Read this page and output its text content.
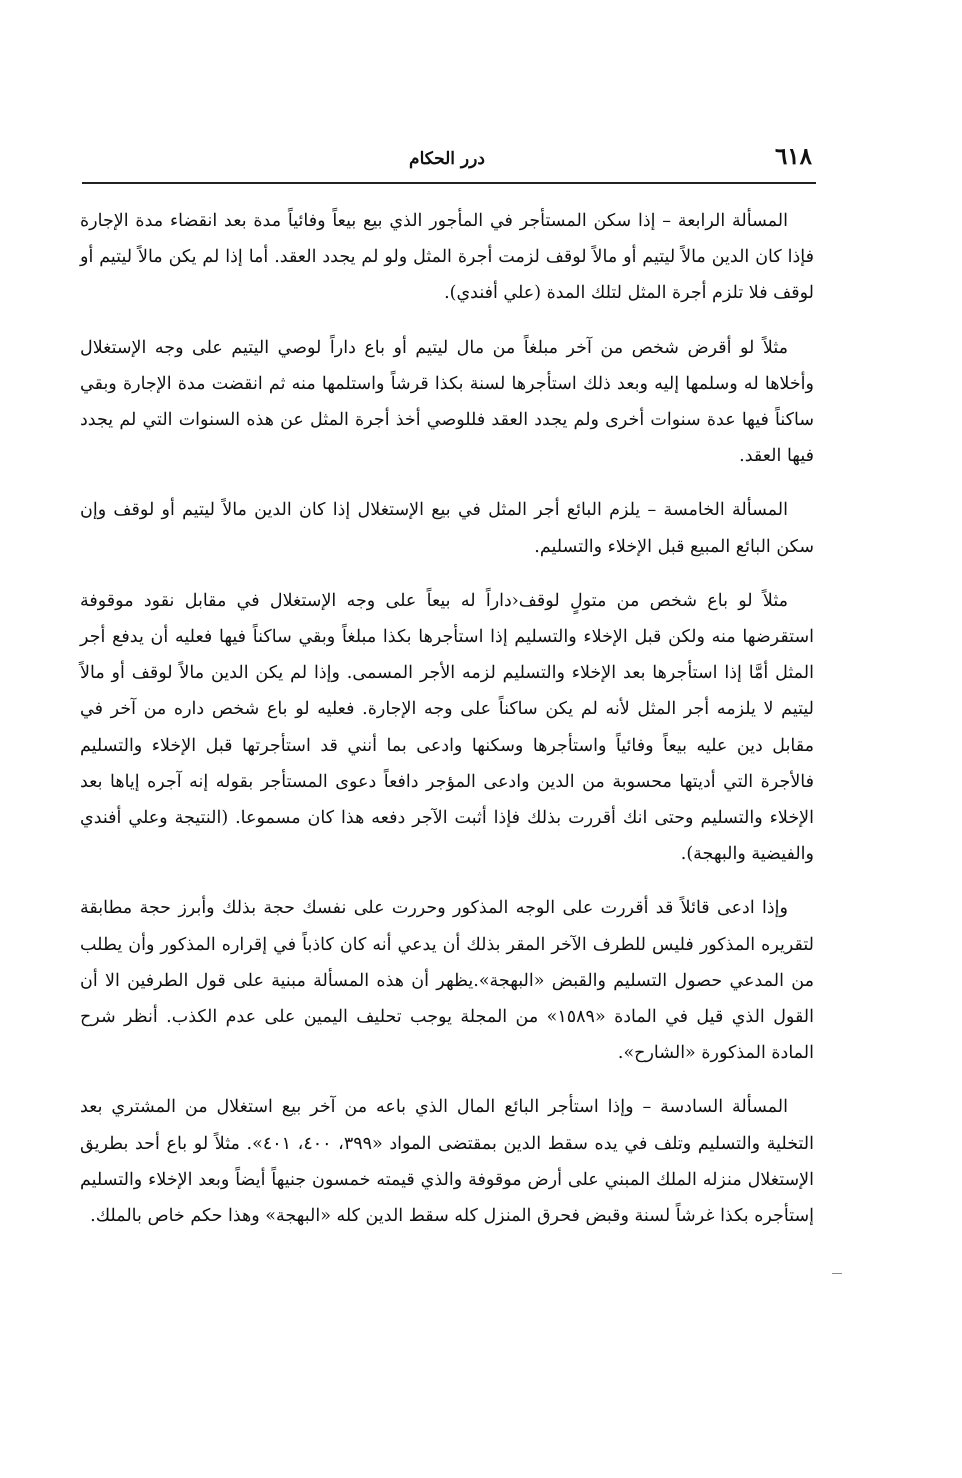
٦١٨
درر الحكام

المسألة الرابعة – إذا سكن المستأجر في المأجور الذي بيع بيعاً وفائياً مدة بعد انقضاء مدة الإجارة فإذا كان الدين مالاً ليتيم أو مالاً لوقف لزمت أجرة المثل ولو لم يجدد العقد. أما إذا لم يكن مالاً ليتيم أو لوقف فلا تلزم أجرة المثل لتلك المدة (علي أفندي).

مثلاً لو أقرض شخص من آخر مبلغاً من مال ليتيم أو باع داراً لوصي اليتيم على وجه الإستغلال وأخلاها له وسلمها إليه وبعد ذلك استأجرها لسنة بكذا قرشاً واستلمها منه ثم انقضت مدة الإجارة وبقي ساكناً فيها عدة سنوات أخرى ولم يجدد العقد فللوصي أخذ أجرة المثل عن هذه السنوات التي لم يجدد فيها العقد.

المسألة الخامسة – يلزم البائع أجر المثل في بيع الإستغلال إذا كان الدين مالاً ليتيم أو لوقف وإن سكن البائع المبيع قبل الإخلاء والتسليم.

مثلاً لو باع شخص من متولٍ لوقف‹داراً له بيعاً على وجه الإستغلال في مقابل نقود موقوفة استقرضها منه ولكن قبل الإخلاء والتسليم إذا استأجرها بكذا مبلغاً وبقي ساكناً فيها فعليه أن يدفع أجر المثل أمَّا إذا استأجرها بعد الإخلاء والتسليم لزمه الأجر المسمى. وإذا لم يكن الدين مالاً لوقف أو مالاً ليتيم لا يلزمه أجر المثل لأنه لم يكن ساكناً على وجه الإجارة. فعليه لو باع شخص داره من آخر في مقابل دين عليه بيعاً وفائياً واستأجرها وسكنها وادعى بما أنني قد استأجرتها قبل الإخلاء والتسليم فالأجرة التي أديتها محسوبة من الدين وادعى المؤجر دافعاً دعوى المستأجر بقوله إنه آجره إياها بعد الإخلاء والتسليم وحتى انك أقررت بذلك فإذا أثبت الآجر دفعه هذا كان مسموعا. (النتيجة وعلي أفندي والفيضية والبهجة).

وإذا ادعى قائلاً قد أقررت على الوجه المذكور وحررت على نفسك حجة بذلك وأبرز حجة مطابقة لتقريره المذكور فليس للطرف الآخر المقر بذلك أن يدعي أنه كان كاذباً في إقراره المذكور وأن يطلب من المدعي حصول التسليم والقبض «البهجة».يظهر أن هذه المسألة مبنية على قول الطرفين الا أن القول الذي قيل في المادة «١٥٨٩» من المجلة يوجب تحليف اليمين على عدم الكذب. أنظر شرح المادة المذكورة «الشارح».

المسألة السادسة – وإذا استأجر البائع المال الذي باعه من آخر بيع استغلال من المشتري بعد التخلية والتسليم وتلف في يده سقط الدين بمقتضى المواد «٣٩٩، ٤٠٠، ٤٠١». مثلاً لو باع أحد بطريق الإستغلال منزله الملك المبني على أرض موقوفة والذي قيمته خمسون جنيهاً أيضاً وبعد الإخلاء والتسليم إستأجره بكذا غرشاً لسنة وقبض فحرق المنزل كله سقط الدين كله «البهجة» وهذا حكم خاص بالملك.
